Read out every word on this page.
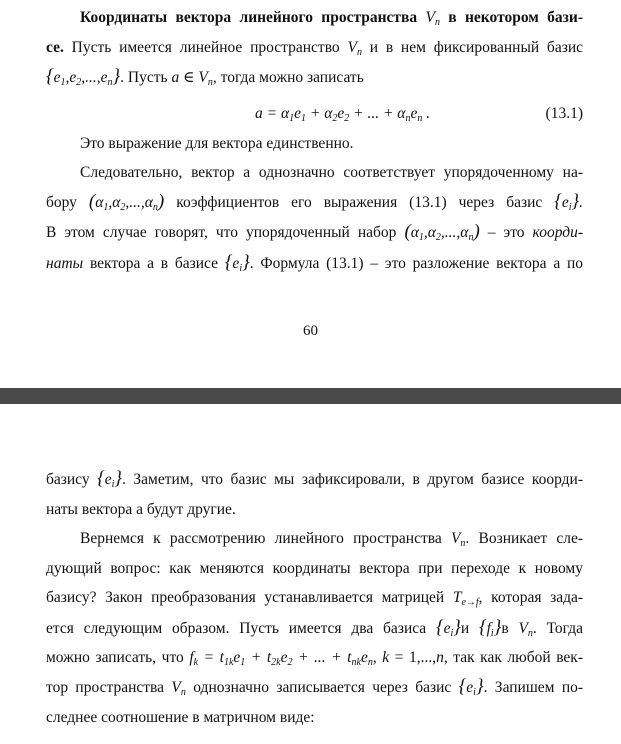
Координаты вектора линейного пространства $V_n$ в некотором бази-
се. Пусть имеется линейное пространство $V_n$ и в нем фиксированный базис
$\{e_1,e_2,...,e_n\}$. Пусть a ∈ $V_n$, тогда можно записать
$a = \alpha_1e_1 + \alpha_2e_2$ + ... + $\alpha_ne_n$ .	(13.1)
Это выражение для вектора единственно.
Следовательно, вектор a однозначно соответствует упорядоченному на-
бору $(\alpha_1,\alpha_2,...,\alpha_n)$ коэффициентов его выражения (13.1) через базис $\{e_i\}$.
В этом случае говорят, что упорядоченный набор $(\alpha_1,\alpha_2,...,\alpha_n)$ – это коорди-
наты вектора a в базисе $\{e_i\}$. Формула (13.1) – это разложение вектора a по
60
базису $\{e_i\}$. Заметим, что базис мы зафиксировали, в другом базисе коорди-
наты вектора a будут другие.
Вернемся к рассмотрению линейного пространства $V_n$. Возникает сле-
дующий вопрос: как меняются координаты вектора при переходе к новому
базису? Закон преобразования устанавливается матрицей $T_{e\to f}$, которая зада-
ется следующим образом. Пусть имеется два базиса $\{e_i\}и$ $\{f_i\}в$ $V_n$. Тогда
можно записать, что $f_k = t_{1k}e_1 + t_{2k}e_2$ + ... + $t_{nk}e_n$, k = 1,...,n, так как любой век-
тор пространства $V_n$ однозначно записывается через базис $\{e_i\}$. Запишем по-
следнее соотношение в матричном виде:
